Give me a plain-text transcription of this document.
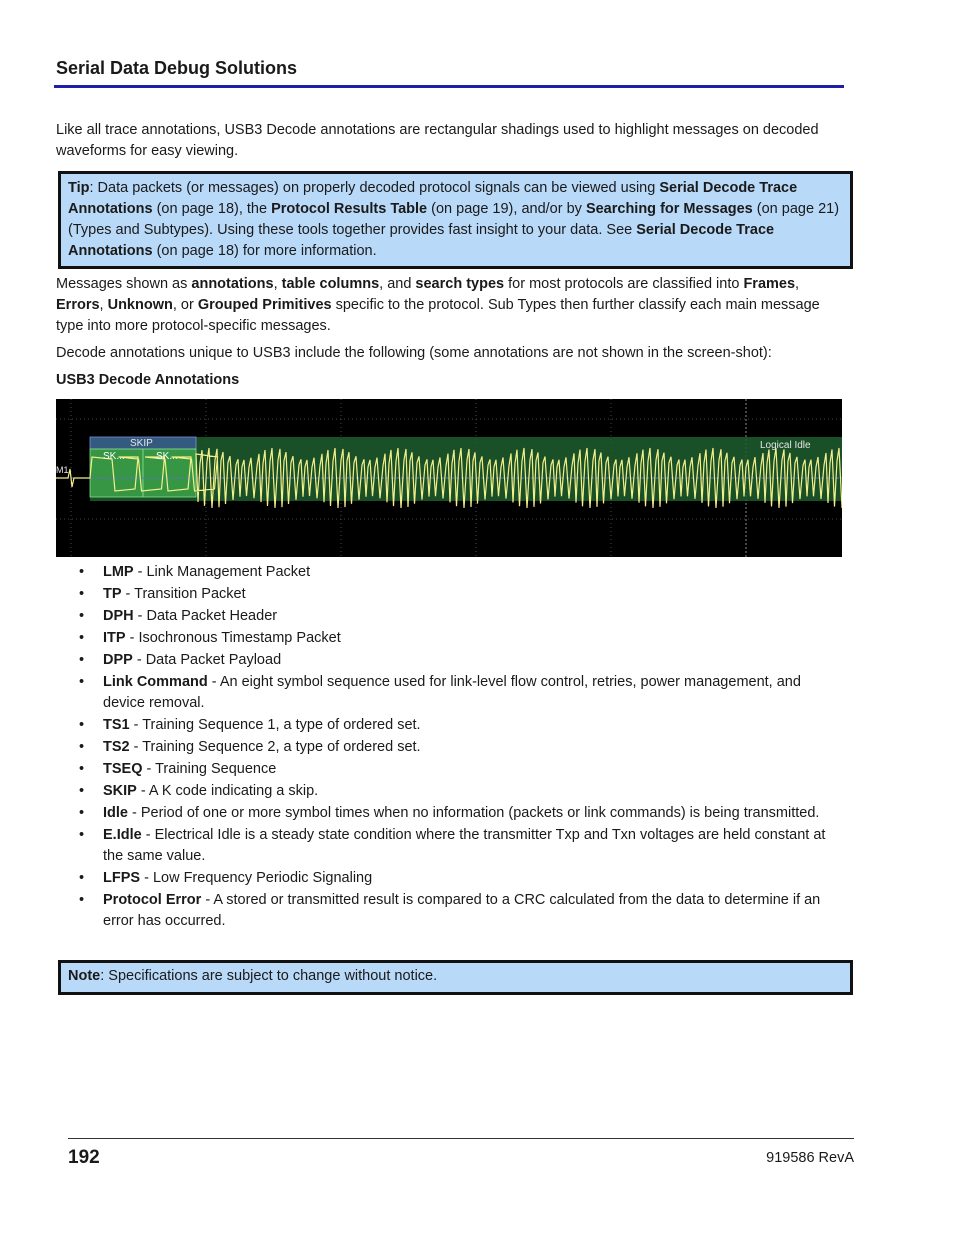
Serial Data Debug Solutions
Like all trace annotations, USB3 Decode annotations are rectangular shadings used to highlight messages on decoded waveforms for easy viewing.
Tip: Data packets (or messages) on properly decoded protocol signals can be viewed using Serial Decode Trace Annotations (on page 18), the Protocol Results Table (on page 19), and/or by Searching for Messages (on page 21) (Types and Subtypes). Using these tools together provides fast insight to your data. See Serial Decode Trace Annotations (on page 18) for more information.
Messages shown as annotations, table columns, and search types for most protocols are classified into Frames, Errors, Unknown, or Grouped Primitives specific to the protocol. Sub Types then further classify each main message type into more protocol-specific messages.
Decode annotations unique to USB3 include the following (some annotations are not shown in the screen-shot):
USB3 Decode Annotations
SKIP
SK...	SK...
Logical Idle
M1
• LMP - Link Management Packet
• TP - Transition Packet
• DPH - Data Packet Header
• ITP - Isochronous Timestamp Packet
• DPP - Data Packet Payload
• Link Command - An eight symbol sequence used for link-level flow control, retries, power management, and device removal.
• TS1 - Training Sequence 1, a type of ordered set.
• TS2 - Training Sequence 2, a type of ordered set.
• TSEQ - Training Sequence
• SKIP - A K code indicating a skip.
• Idle - Period of one or more symbol times when no information (packets or link commands) is being transmitted.
• E.Idle - Electrical Idle is a steady state condition where the transmitter Txp and Txn voltages are held constant at the same value.
• LFPS - Low Frequency Periodic Signaling
• Protocol Error - A stored or transmitted result is compared to a CRC calculated from the data to determine if an error has occurred.
Note: Specifications are subject to change without notice.
192	919586 RevA
